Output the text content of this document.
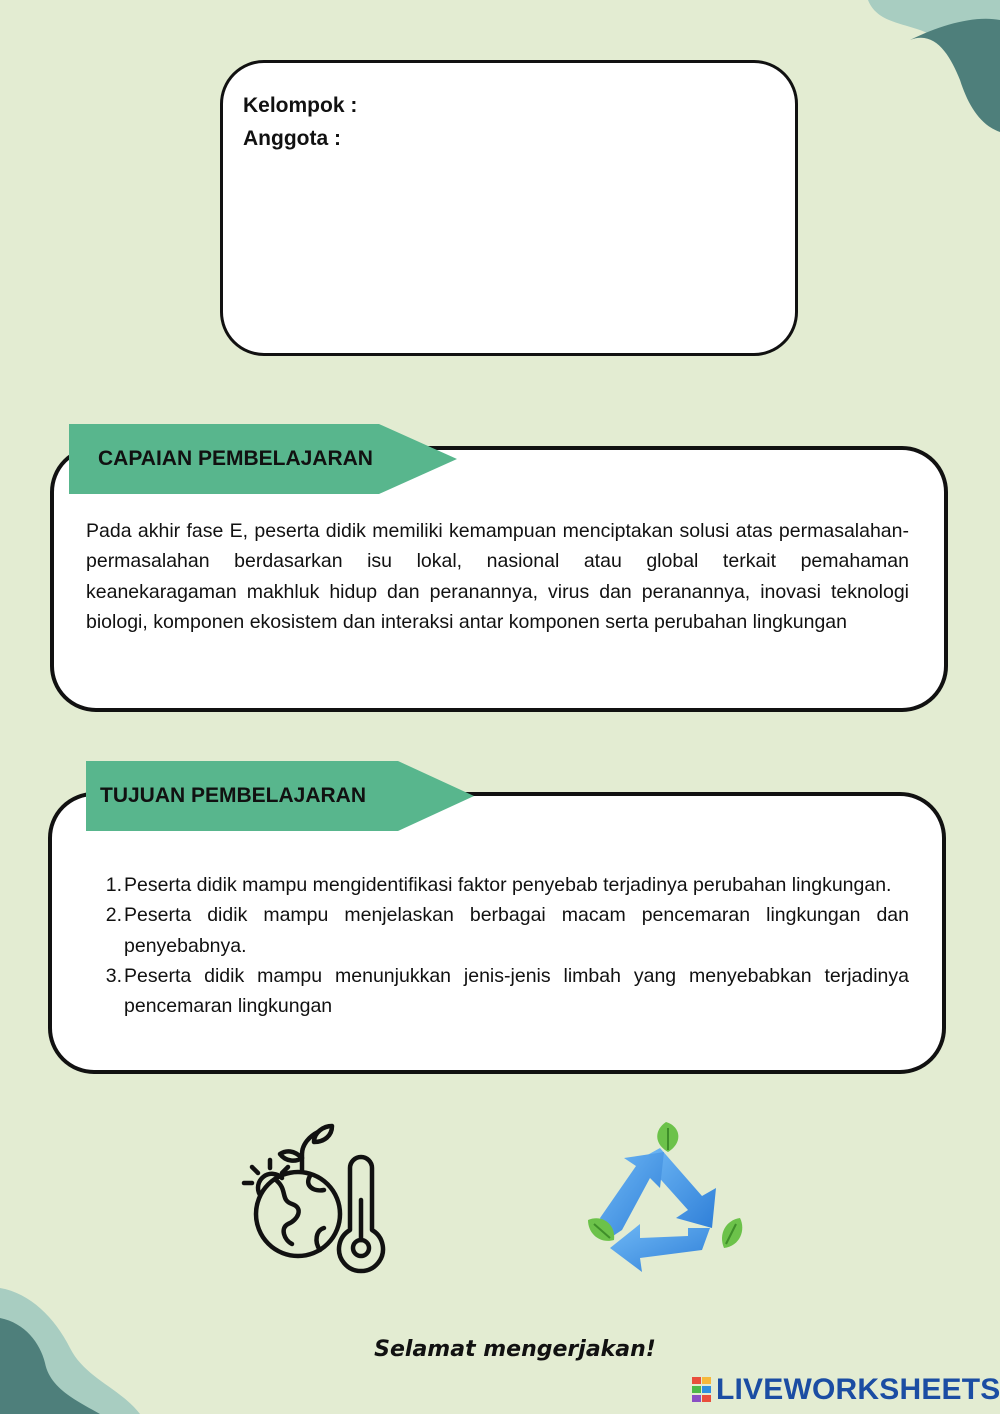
Kelompok :
Anggota :
CAPAIAN PEMBELAJARAN
Pada akhir fase E, peserta didik memiliki kemampuan menciptakan solusi atas permasalahan-permasalahan berdasarkan isu lokal, nasional atau global terkait pemahaman keanekaragaman makhluk hidup dan peranannya, virus dan peranannya, inovasi teknologi biologi, komponen ekosistem dan interaksi antar komponen serta perubahan lingkungan
TUJUAN PEMBELAJARAN
1. Peserta didik mampu mengidentifikasi faktor penyebab terjadinya perubahan lingkungan.
2. Peserta didik mampu menjelaskan berbagai macam pencemaran lingkungan dan penyebabnya.
3. Peserta didik mampu menunjukkan jenis-jenis limbah yang menyebabkan terjadinya pencemaran lingkungan
Selamat mengerjakan!
LIVEWORKSHEETS
